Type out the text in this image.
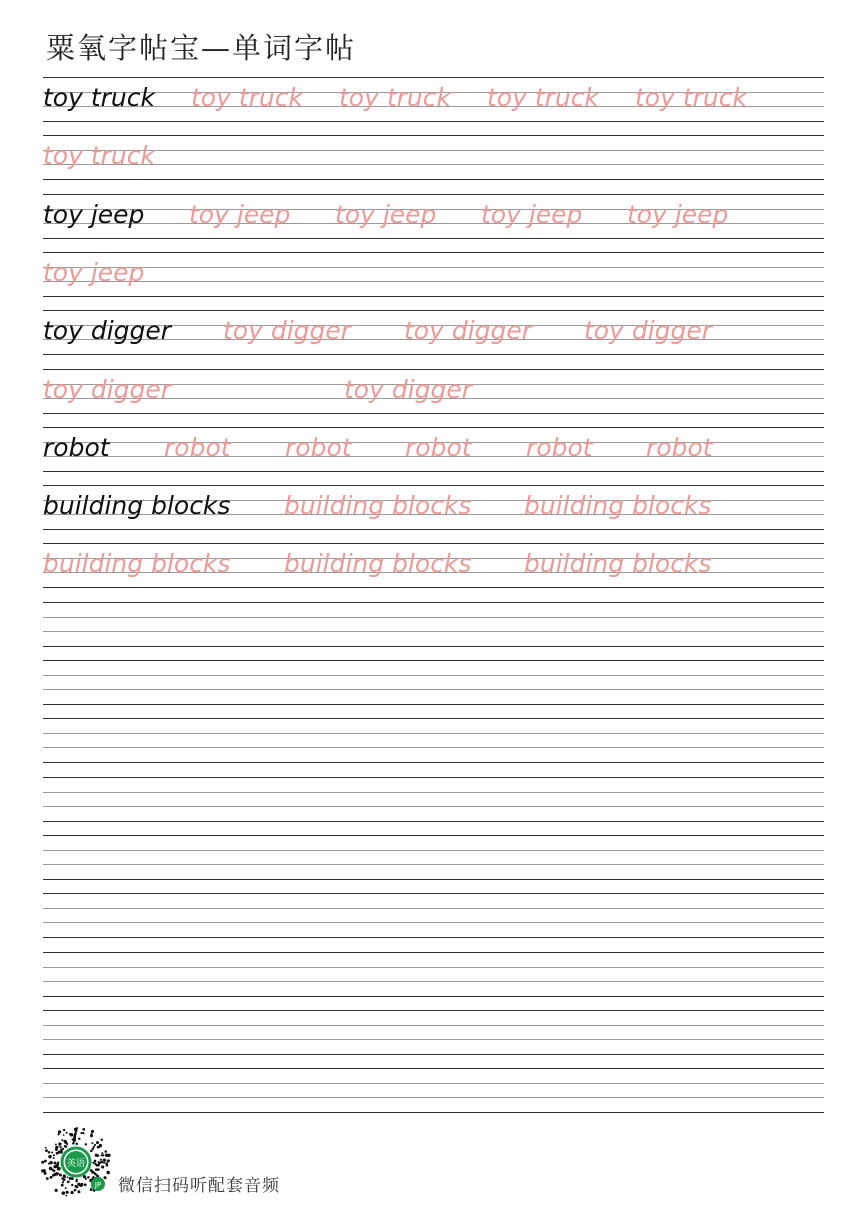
粟氧字帖宝—单词字帖
toy truck toy truck toy truck toy truck toy truck
toy truck
toy jeep toy jeep toy jeep toy jeep toy jeep
toy jeep
toy digger toy digger toy digger toy digger
toy digger	toy digger
robot robot robot robot robot robot
building blocks building blocks building blocks
building blocks building blocks building blocks
英语
JP 微信扫码听配套音频
